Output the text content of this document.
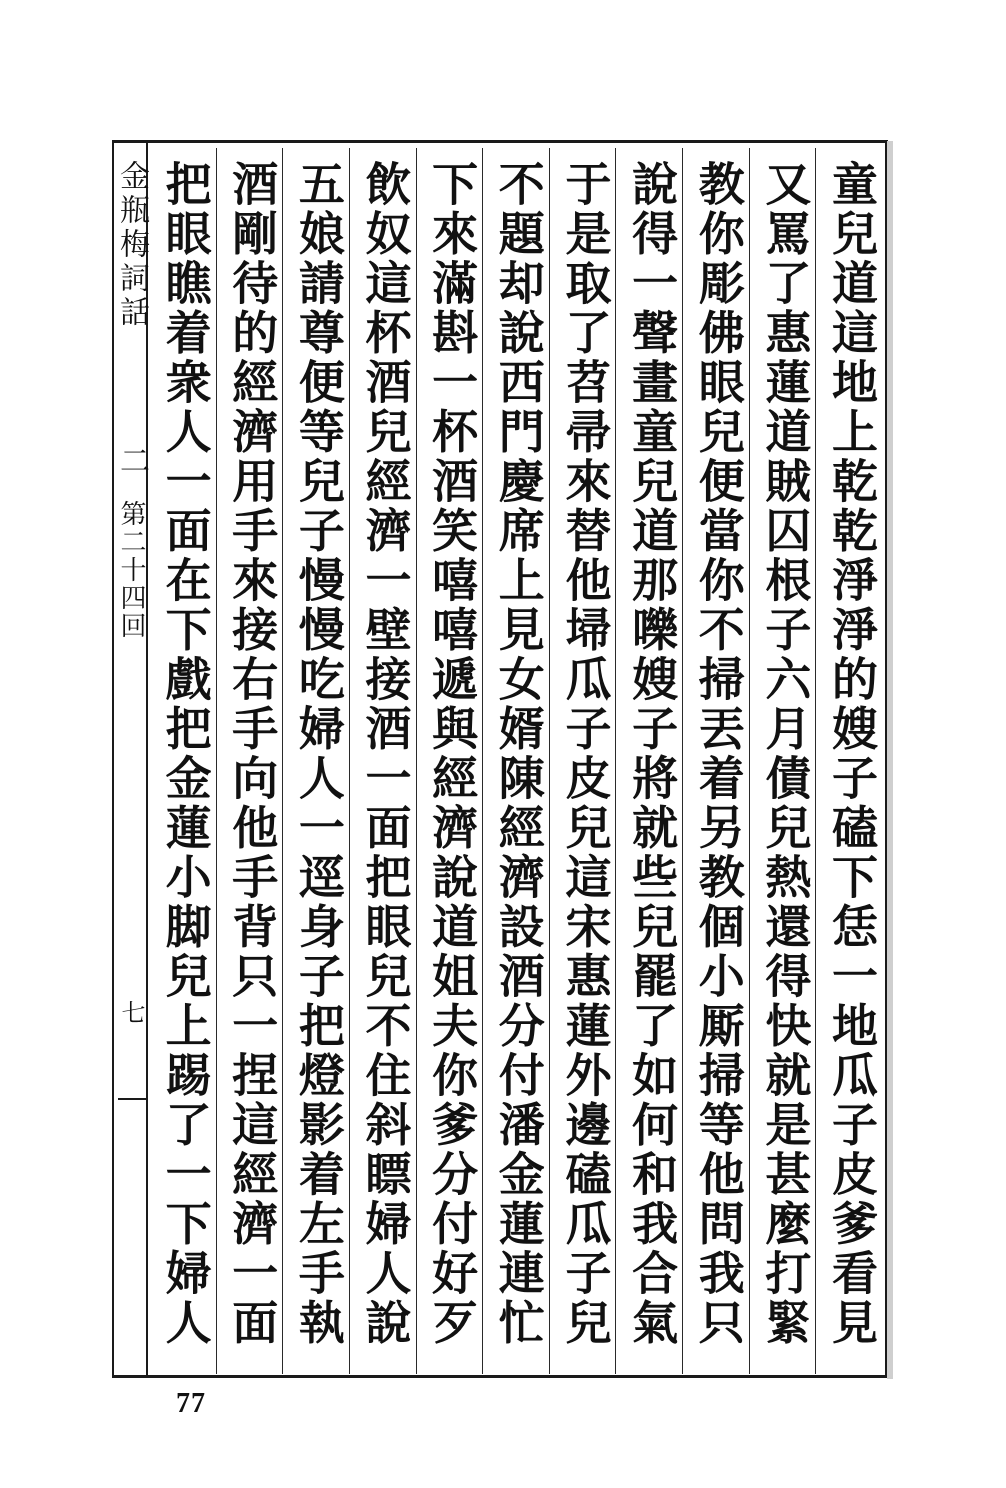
金瓶梅詞話
二
第二十四回
七	童兒道這地上乾乾淨淨的嫂子磕下恁一地瓜子皮爹看見
又罵了惠蓮道賊囚根子六月債兒熱還得快就是甚麼打緊
教你彫佛眼兒便當你不掃丟着另教個小厮掃等他問我只
說得一聲畫童兒道那嚛嫂子將就些兒罷了如何和我合氣
于是取了苕帚來替他埽瓜子皮兒這宋惠蓮外邊磕瓜子兒
不題却說西門慶席上見女婿陳經濟設酒分付潘金蓮連忙
下來滿斟一杯酒笑嘻嘻遞與經濟說道姐夫你爹分付好歹
飲奴這杯酒兒經濟一壁接酒一面把眼兒不住斜瞟婦人說
五娘請尊便等兒子慢慢吃婦人一逕身子把燈影着左手執
酒剛待的經濟用手來接右手向他手背只一捏這經濟一面
把眼瞧着衆人一面在下戲把金蓮小脚兒上踢了一下婦人
77
